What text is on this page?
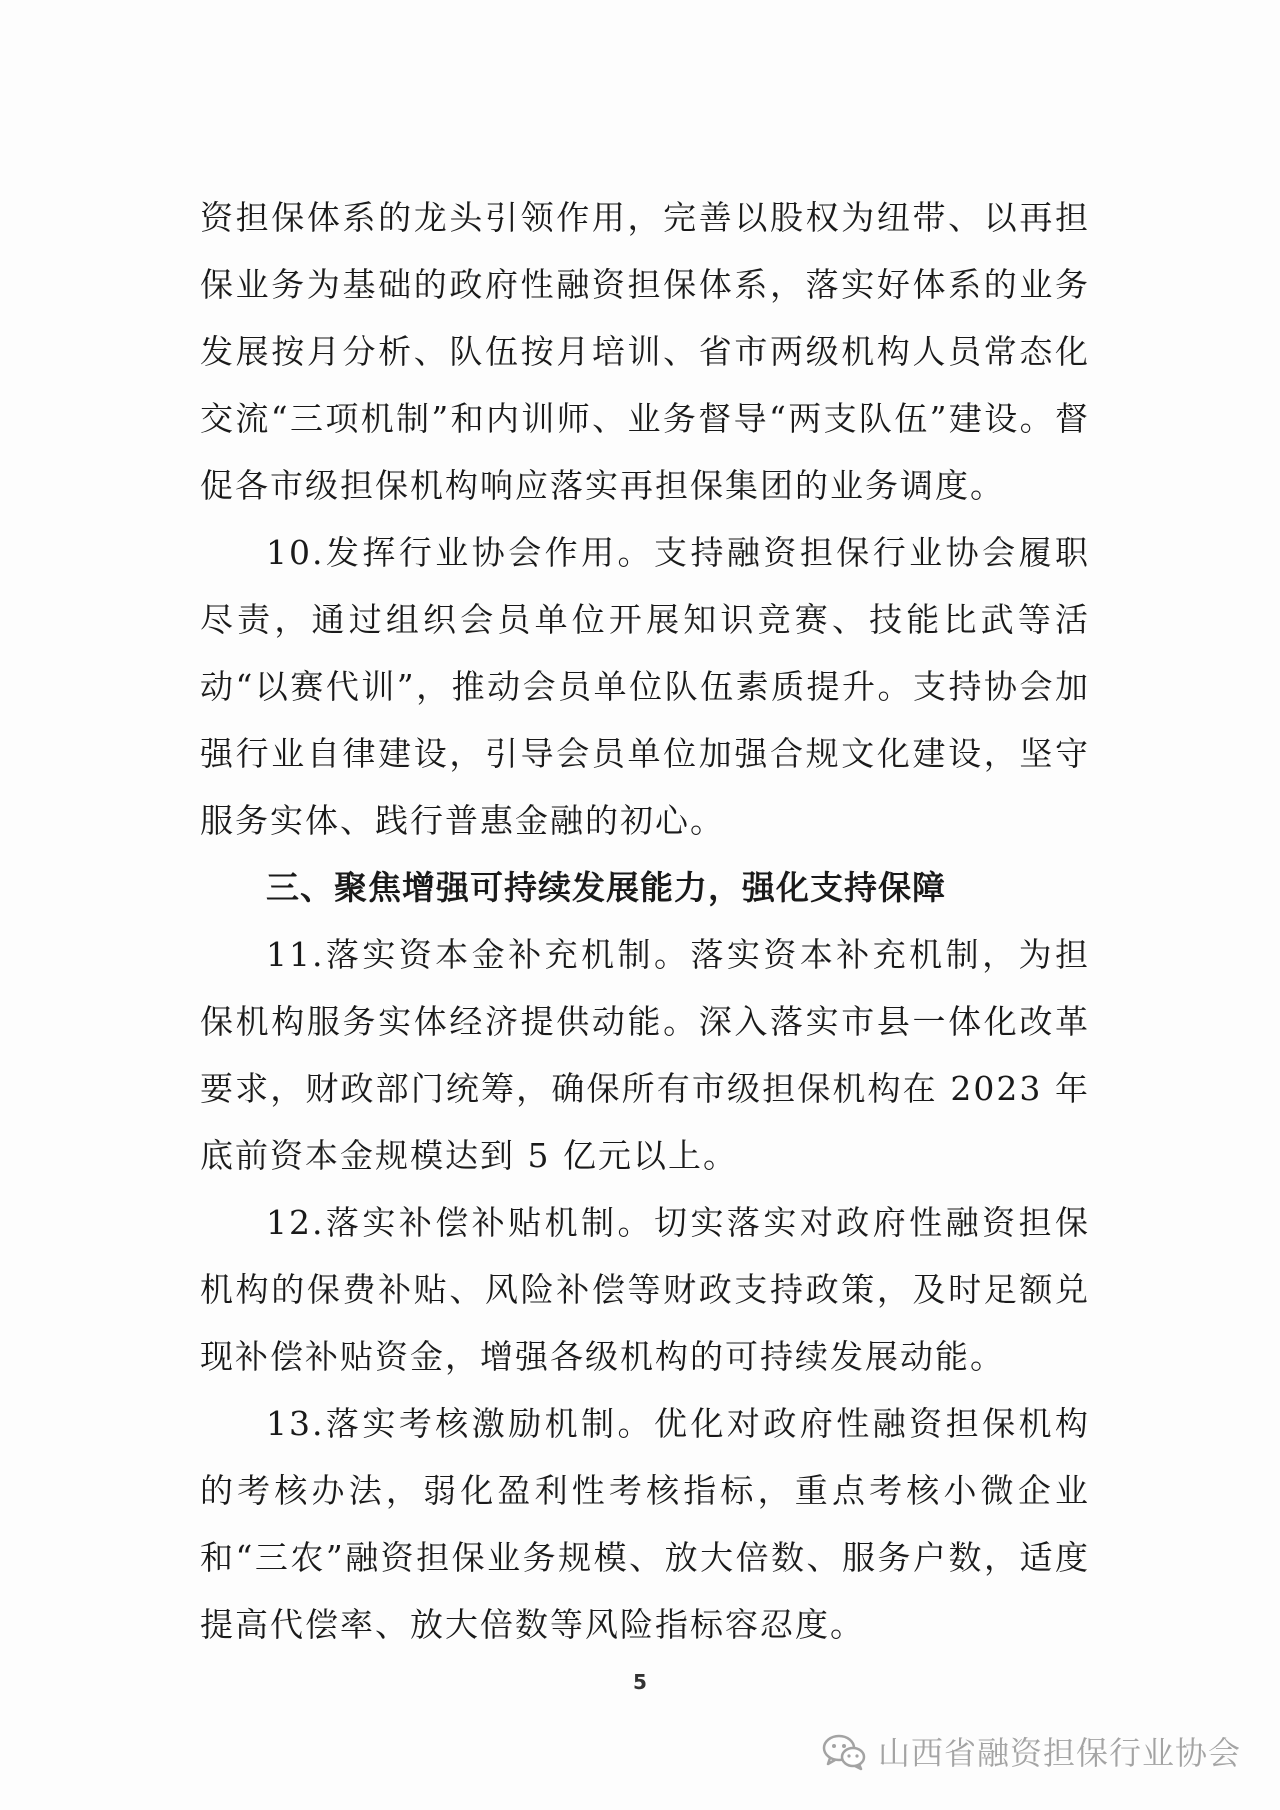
资担保体系的龙头引领作用，完善以股权为纽带、以再担保业务为基础的政府性融资担保体系，落实好体系的业务发展按月分析、队伍按月培训、省市两级机构人员常态化交流“三项机制”和内训师、业务督导“两支队伍”建设。督促各市级担保机构响应落实再担保集团的业务调度。

10.发挥行业协会作用。支持融资担保行业协会履职尽责，通过组织会员单位开展知识竞赛、技能比武等活动“以赛代训”，推动会员单位队伍素质提升。支持协会加强行业自律建设，引导会员单位加强合规文化建设，坚守服务实体、践行普惠金融的初心。

三、聚焦增强可持续发展能力，强化支持保障

11.落实资本金补充机制。落实资本补充机制，为担保机构服务实体经济提供动能。深入落实市县一体化改革要求，财政部门统筹，确保所有市级担保机构在 2023 年底前资本金规模达到 5 亿元以上。

12.落实补偿补贴机制。切实落实对政府性融资担保机构的保费补贴、风险补偿等财政支持政策，及时足额兑现补偿补贴资金，增强各级机构的可持续发展动能。

13.落实考核激励机制。优化对政府性融资担保机构的考核办法，弱化盈利性考核指标，重点考核小微企业和“三农”融资担保业务规模、放大倍数、服务户数，适度提高代偿率、放大倍数等风险指标容忍度。

5
山西省融资担保行业协会
